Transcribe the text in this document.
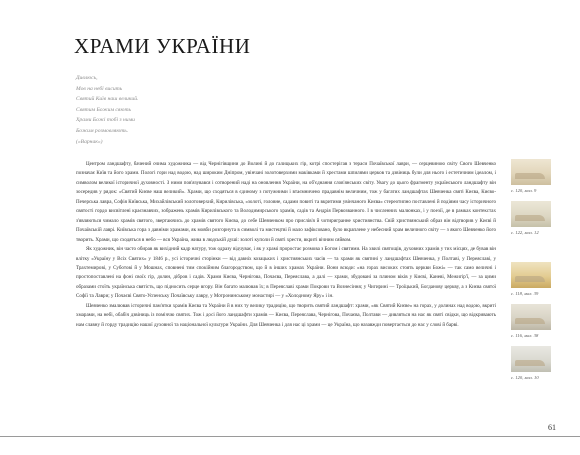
ХРАМИ УКРАЇНИ
Дивлюсь,
Мов на небі висить
Святий Київ наш великий.
Святим Божим сяють
Храми Божі тобі з ними
Божим розмовляють.
(«Варнак»)

Центром ландшафту, бачений очима художника — від Чернігівщини до Волині й до галицьких гір, котрі спостерігав з тераси Почаївської лаври, — серцевиною світу Свого Шевченко позначає Київ та його храми. Пологі гори над водою, над широким Дніпром, увінчані золотоверхими маківками й хрестами шпилями церков та дзвіниць були для нього і естетичним ідеалом, і символом великої історичної духовності. З ними пов'язувався і сотворений наді на оновлення України, на об'єднання слов'янських світу. Увагу до цього фрагменту українського ландшафту він зосередив у рядок: «Святий Києве наш великий». Храми, що сходяться в єдиному з потужними і втаємничено прадавнім величним, тож у багатих ландшафтах Шевченка святі Києва, Києво-Печерська лавра, Софія Київська, Михайлівський золотоверхий, Кирилівська, «золоті, головне, садами повиті та вкритими увінчаного Києва» стереотипно поставлені й подіями часу історичного святості гордо висвітлені краєзнавчих, зображень храмів Кирилівського та Володимирського храмів, садів та Андрія Первозванного. І в численних малюнках, і у поезії, де в рамках контекстах з'являються чимало храмів святого, звертаючись до храмів святого Києва, до себе Шевченком про прислів'я й чотиригранне християнства. Свій християнський образ він відтворив у Києві й Почаївській лаврі. Київська гора з давніми храмами, як мовби розгорнута в символі та мистецтві й мало зафіксовано, було вкраплене у небесний храм величного світу — з якого Шевченко його творить. Храми, що сходяться в небо — вся Україна, жива в людській душі: золоті куполи й святі хрести, вкриті вічним сяйвом.

Як художник, він часто обирав як вихідний кадр натуру, тож одразу відчуває, і як у храмі проростає розмова з Богом і святими. На хвилі святощів, духовних храмів у тих місцях, де бував він влітку «Україну у Всіх Святих» у 1846 р., усі історичні сторінки — від давніх козацьких і християнських часів — та храми як святині у ландшафтах Шевченка, у Полтаві, у Переяславі, у Трахтемирові, у Суботові й у Мошнах, сповнені тим спокійним благородством, що й в інших храмах України. Вони всюди: «на горах високих стоять церкви Божі» — так само величні і простопоставлені на фоні своїх гір, долин, дібров і садів. Храми Києва, Чернігова, Почаєва, Переяслава, а далі — храми, збудовані за плином віків у Києві, Каневі, Межигір'ї, — за цими образами стоїть українська святість, що підносить серце вгору. Він багато малював їх; в Переяславі храми Покрови та Вознесіння; у Чигирині — Троїцький, Богданову церкву, а з Києва святої Софії та Лаври; у Почаєві Свято-Успенську Почаївську лавру, у Мотронинському монастирі — у «Холодному Яру» і ін.

Шевченко змалював історичні пам'ятки храмів Києва та України й в них ту велику традицію, що творить святий ландшафт: храми, «як Святий Києве» на горах, у долинах над водою, вкриті хмарами, на небі, обабіч дзвіниць із поміччю святих. Тож і досі його ландшафти храмів — Києва, Переяслава, Чернігова, Почаєва, Полтави — дивляться на нас як святі свідки, що відкривають нам славну й горду традицію нашої духовної та національної культури України. Для Шевченка і для нас ці храми — це Україна, що назавжди повертається до нас у слові й барві.

с. 120, мал. 9
с. 122, мал. 12
с. 118, мал. 39
с. 116, мал. 38
с. 120, мал. 10
61
